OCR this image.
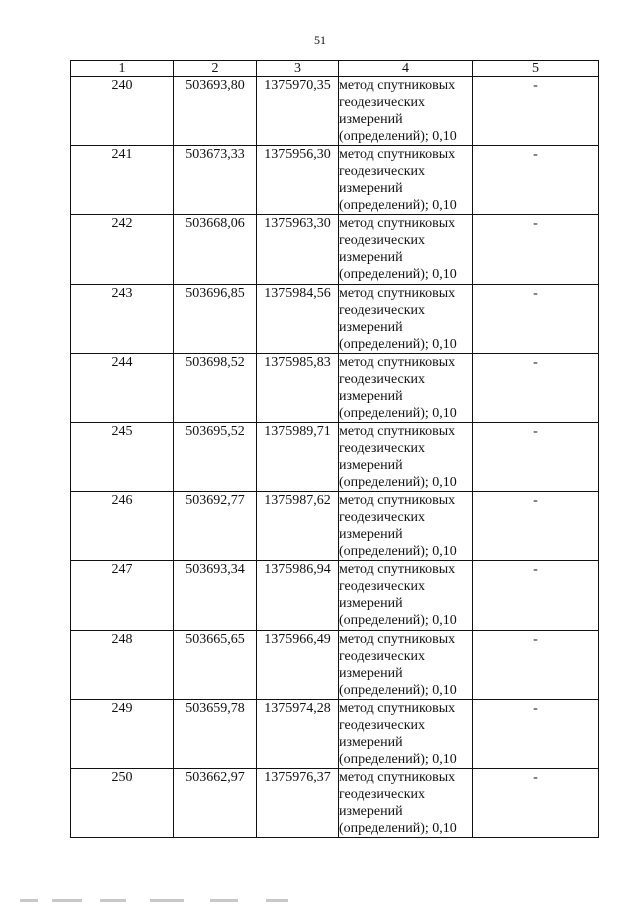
51
1	2	3	4	5
240	503693,80	1375970,35	метод спутниковых
геодезических
измерений
(определений); 0,10	-
241	503673,33	1375956,30	метод спутниковых
геодезических
измерений
(определений); 0,10	-
242	503668,06	1375963,30	метод спутниковых
геодезических
измерений
(определений); 0,10	-
243	503696,85	1375984,56	метод спутниковых
геодезических
измерений
(определений); 0,10	-
244	503698,52	1375985,83	метод спутниковых
геодезических
измерений
(определений); 0,10	-
245	503695,52	1375989,71	метод спутниковых
геодезических
измерений
(определений); 0,10	-
246	503692,77	1375987,62	метод спутниковых
геодезических
измерений
(определений); 0,10	-
247	503693,34	1375986,94	метод спутниковых
геодезических
измерений
(определений); 0,10	-
248	503665,65	1375966,49	метод спутниковых
геодезических
измерений
(определений); 0,10	-
249	503659,78	1375974,28	метод спутниковых
геодезических
измерений
(определений); 0,10	-
250	503662,97	1375976,37	метод спутниковых
геодезических
измерений
(определений); 0,10	-
